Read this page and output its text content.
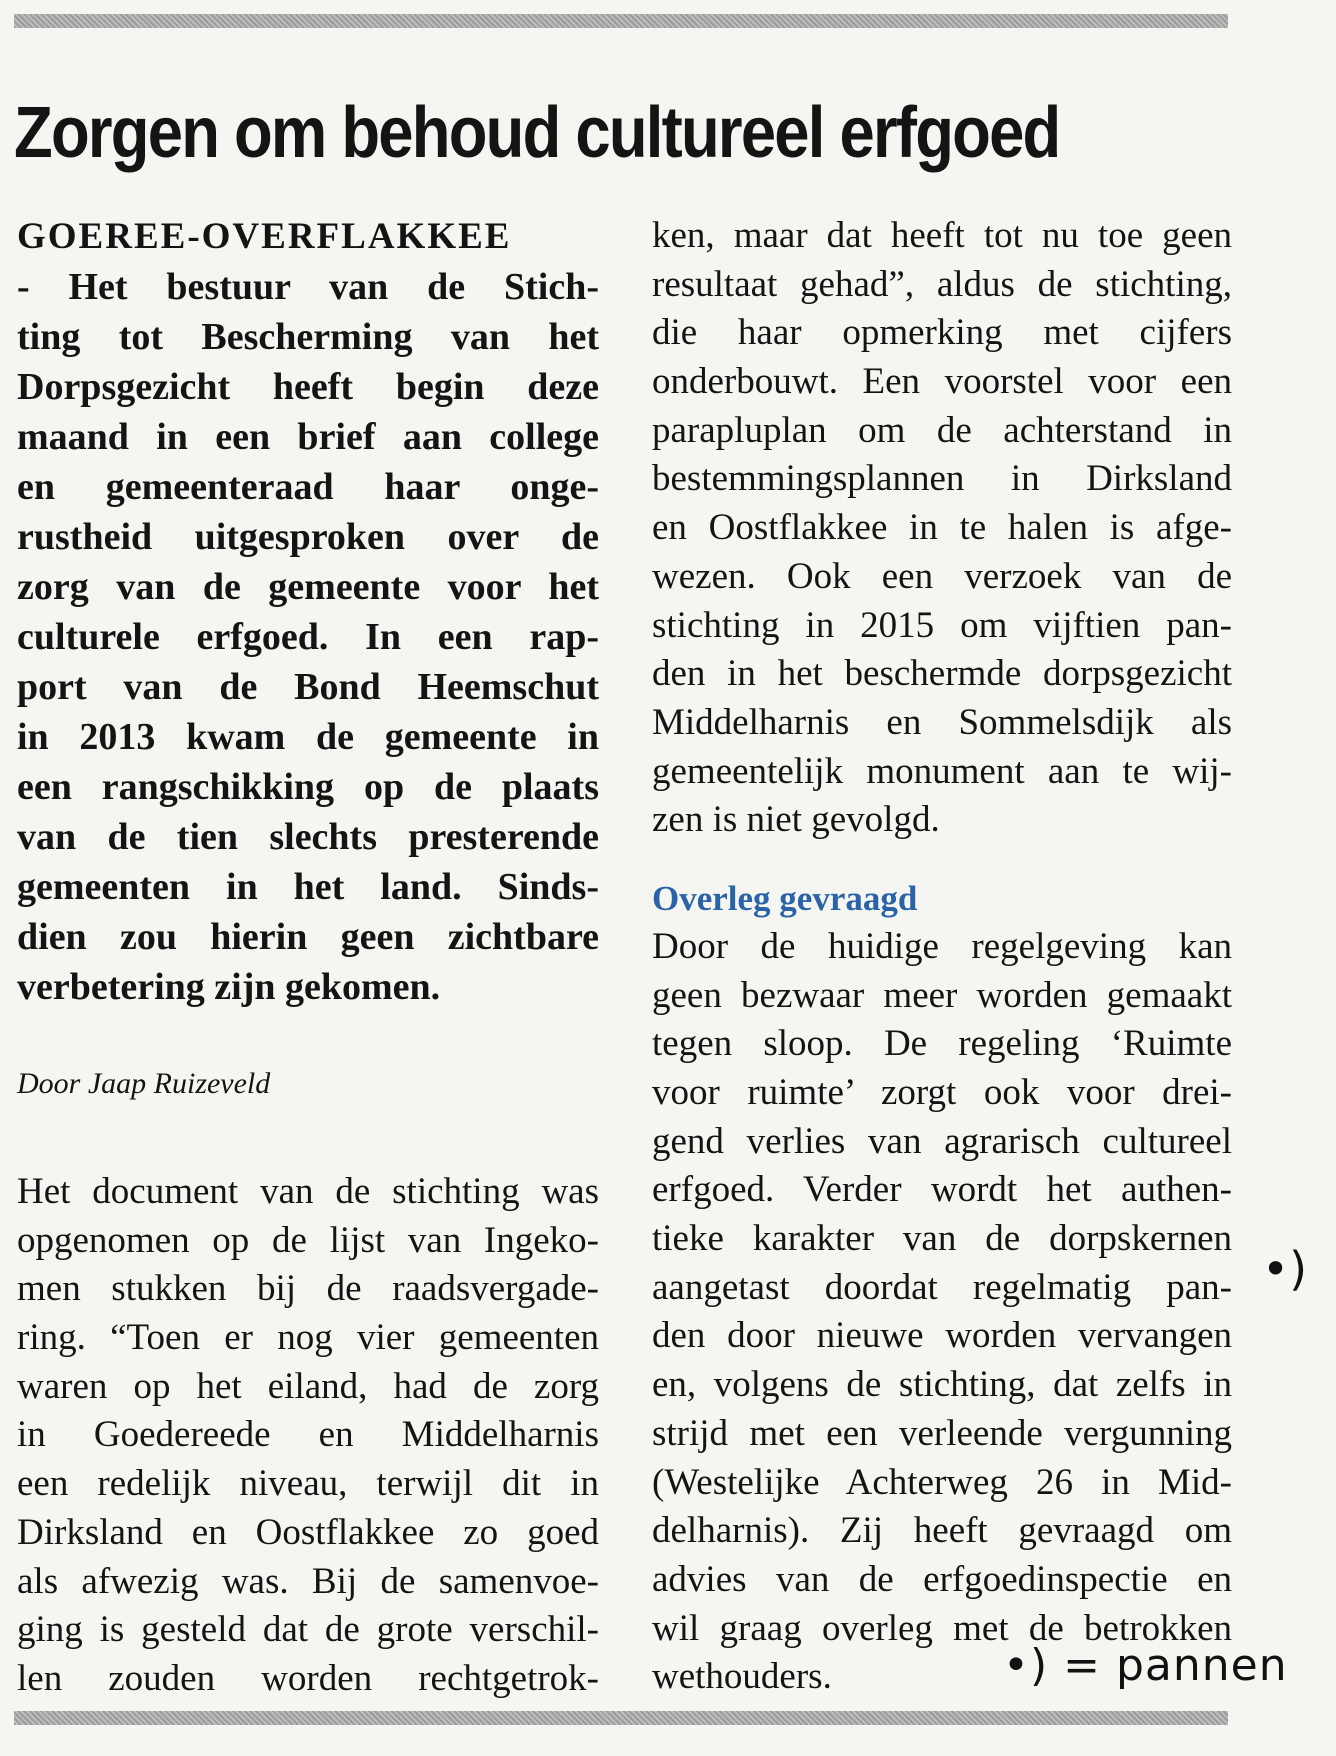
Zorgen om behoud cultureel erfgoed
GOEREE-OVERFLAKKEE
- Het bestuur van de Stich-
ting tot Bescherming van het
Dorpsgezicht heeft begin deze
maand in een brief aan college
en gemeenteraad haar onge-
rustheid uitgesproken over de
zorg van de gemeente voor het
culturele erfgoed. In een rap-
port van de Bond Heemschut
in 2013 kwam de gemeente in
een rangschikking op de plaats
van de tien slechts presterende
gemeenten in het land. Sinds-
dien zou hierin geen zichtbare
verbetering zijn gekomen.
Door Jaap Ruizeveld
Het document van de stichting was
opgenomen op de lijst van Ingeko-
men stukken bij de raadsvergade-
ring. “Toen er nog vier gemeenten
waren op het eiland, had de zorg
in Goedereede en Middelharnis
een redelijk niveau, terwijl dit in
Dirksland en Oostflakkee zo goed
als afwezig was. Bij de samenvoe-
ging is gesteld dat de grote verschil-
len zouden worden rechtgetrok-
ken, maar dat heeft tot nu toe geen
resultaat gehad”, aldus de stichting,
die haar opmerking met cijfers
onderbouwt. Een voorstel voor een
parapluplan om de achterstand in
bestemmingsplannen in Dirksland
en Oostflakkee in te halen is afge-
wezen. Ook een verzoek van de
stichting in 2015 om vijftien pan-
den in het beschermde dorpsgezicht
Middelharnis en Sommelsdijk als
gemeentelijk monument aan te wij-
zen is niet gevolgd.
Overleg gevraagd
Door de huidige regelgeving kan
geen bezwaar meer worden gemaakt
tegen sloop. De regeling ‘Ruimte
voor ruimte’ zorgt ook voor drei-
gend verlies van agrarisch cultureel
erfgoed. Verder wordt het authen-
tieke karakter van de dorpskernen
aangetast doordat regelmatig pan-
den door nieuwe worden vervangen
en, volgens de stichting, dat zelfs in
strijd met een verleende vergunning
(Westelijke Achterweg 26 in Mid-
delharnis). Zij heeft gevraagd om
advies van de erfgoedinspectie en
wil graag overleg met de betrokken
wethouders.
•)
•) = pannen
